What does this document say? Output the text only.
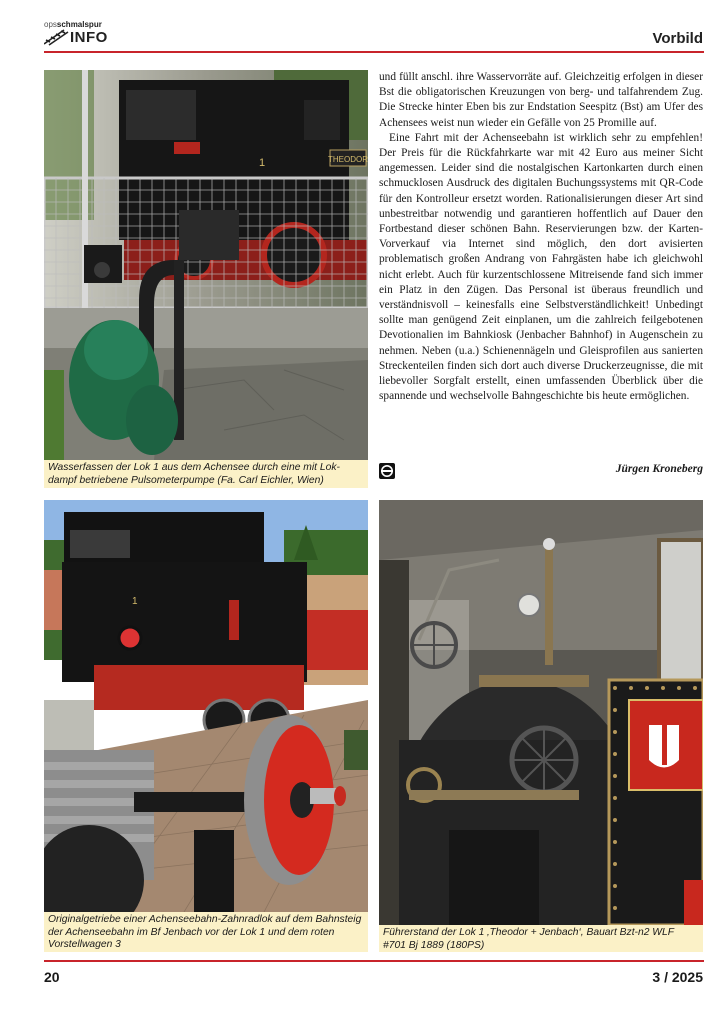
opsschmalspur
INFO	Vorbild
THEODOR
1
Wasserfassen der Lok 1 aus dem Achensee durch eine mit Lokdampf betriebene Pulsometerpumpe (Fa. Carl Eichler, Wien)

und füllt anschl. ihre Wasservorräte auf. Gleichzeitig erfolgen in dieser Bst die obligatorischen Kreuzungen von berg- und talfahrendem Zug. Die Strecke hinter Eben bis zur Endstation Seespitz (Bst) am Ufer des Achensees weist nun wieder ein Gefälle von 25 Promille auf.

Eine Fahrt mit der Achenseebahn ist wirklich sehr zu empfehlen! Der Preis für die Rückfahrkarte war mit 42 Euro aus meiner Sicht angemessen. Leider sind die nostalgischen Kartonkarten durch einen schmucklosen Ausdruck des digitalen Buchungssystems mit QR-Code für den Kontrolleur ersetzt worden. Rationalisierungen dieser Art sind unbestreitbar notwendig und garantieren hoffentlich auf Dauer den Fortbestand dieser schönen Bahn. Reservierungen bzw. der Karten-Vorverkauf via Internet sind möglich, den dort avisierten problematisch großen Andrang von Fahrgästen habe ich gleichwohl nicht erlebt. Auch für kurzentschlossene Mitreisende fand sich immer ein Platz in den Zügen. Das Personal ist überaus freundlich und verständnisvoll – keinesfalls eine Selbstverständlichkeit! Unbedingt sollte man genügend Zeit einplanen, um die zahlreich feilgebotenen Devotionalien im Bahnkiosk (Jenbacher Bahnhof) in Augenschein zu nehmen. Neben (u.a.) Schienennägeln und Gleisprofilen aus sanierten Streckenteilen finden sich dort auch diverse Druckerzeugnisse, die mit liebevoller Sorgfalt erstellt, einen umfassenden Überblick über die spannende und wechselvolle Bahngeschichte bis heute ermöglichen.

Jürgen Kroneberg
1
Originalgetriebe einer Achenseebahn-Zahnradlok auf dem Bahnsteig der Achenseebahn im Bf Jenbach vor der Lok 1 und dem roten Vorstellwagen 3
Führerstand der Lok 1 ‚Theodor + Jenbach‘, Bauart Bzt-n2 WLF #701 Bj 1889 (180PS)
20	3 / 2025
